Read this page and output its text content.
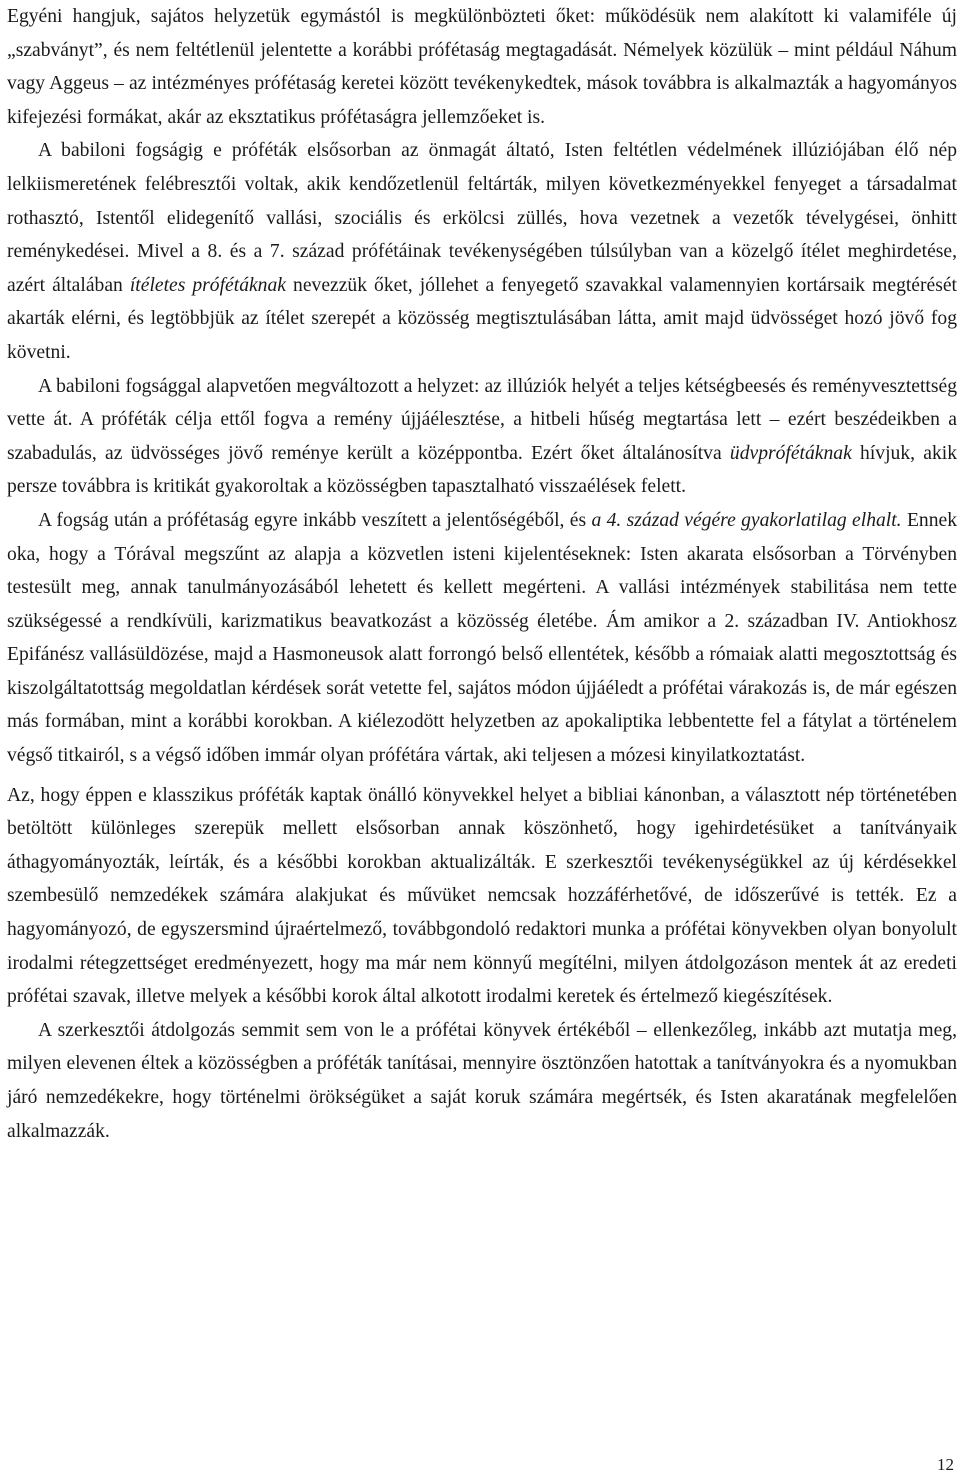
Egyéni hangjuk, sajátos helyzetük egymástól is megkülönbözteti őket: működésük nem alakított ki valamiféle új „szabványt”, és nem feltétlenül jelentette a korábbi prófétaság megtagadását. Némelyek közülük – mint például Náhum vagy Aggeus – az intézményes prófétaság keretei között tevékenykedtek, mások továbbra is alkalmazták a hagyományos kifejezési formákat, akár az eksztatikus prófétaságra jellemzőeket is.

A babiloni fogságig e próféták elsősorban az önmagát áltató, Isten feltétlen védelmének illúziójában élő nép lelkiismeretének felébresztői voltak, akik kendőzetlenül feltárták, milyen következményekkel fenyeget a társadalmat rothasztó, Istentől elidegenítő vallási, szociális és erkölcsi züllés, hova vezetnek a vezetők tévelygései, önhitt reménykedései. Mivel a 8. és a 7. század prófétáinak tevékenységében túlsúlyban van a közelgő ítélet meghirdetése, azért általában ítéletes prófétáknak nevezzük őket, jóllehet a fenyegető szavakkal valamennyien kortársaik megtérését akarták elérni, és legtöbbjük az ítélet szerepét a közösség megtisztulásában látta, amit majd üdvösséget hozó jövő fog követni.

A babiloni fogsággal alapvetően megváltozott a helyzet: az illúziók helyét a teljes kétségbeesés és reményvesztettség vette át. A próféták célja ettől fogva a remény újjáélesztése, a hitbeli hűség megtartása lett – ezért beszédeikben a szabadulás, az üdvösséges jövő reménye került a középpontba. Ezért őket általánosítva üdvprófétáknak hívjuk, akik persze továbbra is kritikát gyakoroltak a közösségben tapasztalható visszaélések felett.

A fogság után a prófétaság egyre inkább veszített a jelentőségéből, és a 4. század végére gyakorlatilag elhalt. Ennek oka, hogy a Tórával megszűnt az alapja a közvetlen isteni kijelentéseknek: Isten akarata elsősorban a Törvényben testesült meg, annak tanulmányozásából lehetett és kellett megérteni. A vallási intézmények stabilitása nem tette szükségessé a rendkívüli, karizmatikus beavatkozást a közösség életébe. Ám amikor a 2. században IV. Antiokhosz Epifánész vallásüldözése, majd a Hasmoneusok alatt forrongó belső ellentétek, később a rómaiak alatti megosztottság és kiszolgáltatottság megoldatlan kérdések sorát vetette fel, sajátos módon újjáéledt a prófétai várakozás is, de már egészen más formában, mint a korábbi korokban. A kiélezodött helyzetben az apokaliptika lebbentette fel a fátylat a történelem végső titkairól, s a végső időben immár olyan prófétára vártak, aki teljesen a mózesi kinyilatkoztatást.

Az, hogy éppen e klasszikus próféták kaptak önálló könyvekkel helyet a bibliai kánonban, a választott nép történetében betöltött különleges szerepük mellett elsősorban annak köszönhető, hogy igehirdetésüket a tanítványaik áthagyományozták, leírták, és a későbbi korokban aktualizálták. E szerkesztői tevékenységükkel az új kérdésekkel szembesülő nemzedékek számára alakjukat és művüket nemcsak hozzáférhetővé, de időszerűvé is tették. Ez a hagyományozó, de egyszersmind újraértelmező, továbbgondoló redaktori munka a prófétai könyvekben olyan bonyolult irodalmi rétegzettséget eredményezett, hogy ma már nem könnyű megítélni, milyen átdolgozáson mentek át az eredeti prófétai szavak, illetve melyek a későbbi korok által alkotott irodalmi keretek és értelmező kiegészítések.

A szerkesztői átdolgozás semmit sem von le a prófétai könyvek értékéből – ellenkezőleg, inkább azt mutatja meg, milyen elevenen éltek a közösségben a próféták tanításai, mennyire ösztönzően hatottak a tanítványokra és a nyomukban járó nemzedékekre, hogy történelmi örökségüket a saját koruk számára megértsék, és Isten akaratának megfelelően alkalmazzák.

12
